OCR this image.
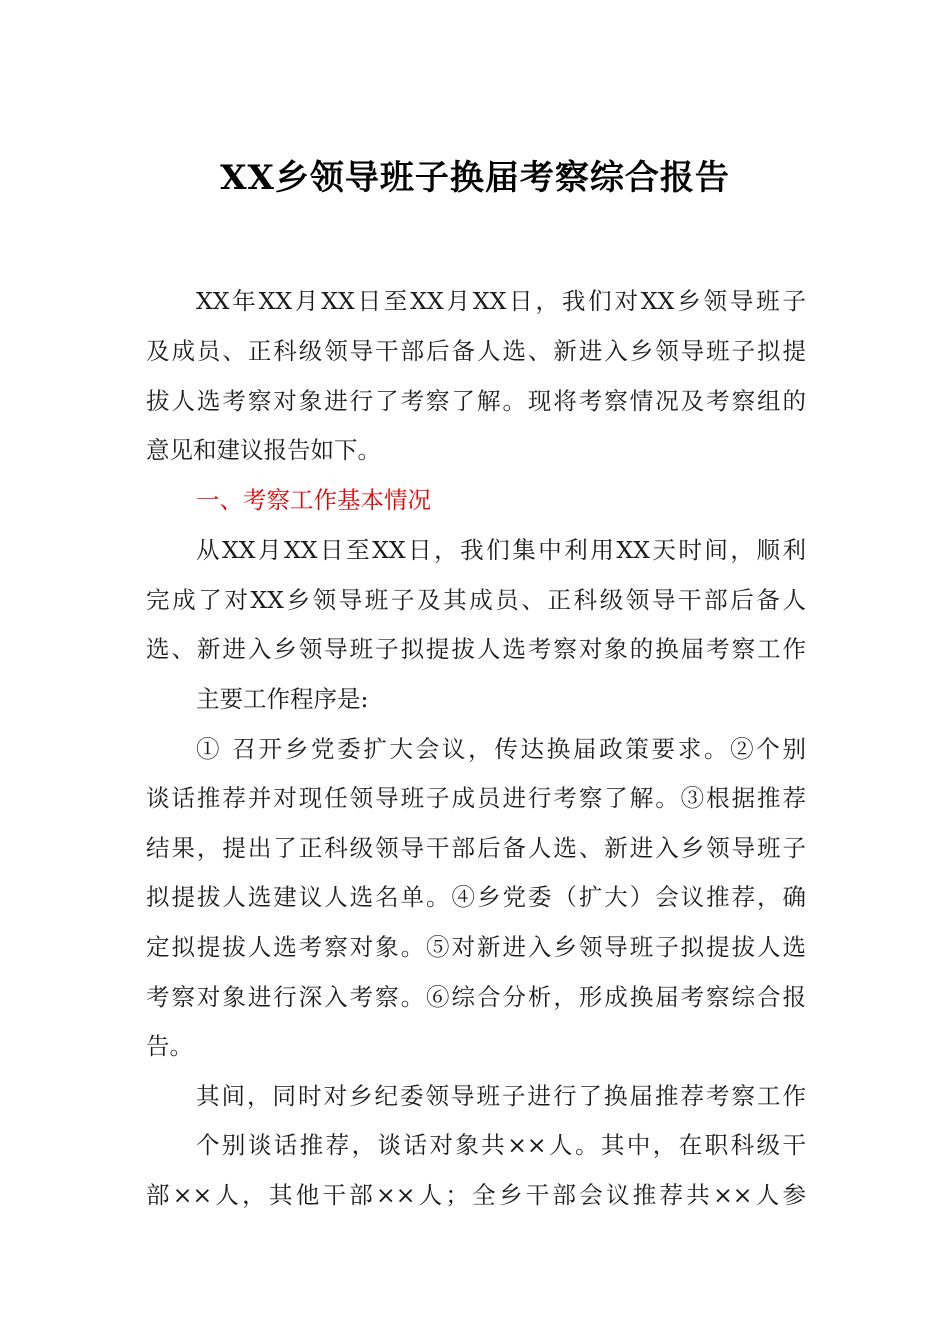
XX乡领导班子换届考察综合报告

XX年XX月XX日至XX月XX日，我们对XX乡领导班子

及成员、正科级领导干部后备人选、新进入乡领导班子拟提

拔人选考察对象进行了考察了解。现将考察情况及考察组的

意见和建议报告如下。

一、考察工作基本情况

从XX月XX日至XX日，我们集中利用XX天时间，顺利

完成了对XX乡领导班子及其成员、正科级领导干部后备人

选、新进入乡领导班子拟提拔人选考察对象的换届考察工作

主要工作程序是:

① 召开乡党委扩大会议，传达换届政策要求。②个别

谈话推荐并对现任领导班子成员进行考察了解。③根据推荐

结果，提出了正科级领导干部后备人选、新进入乡领导班子

拟提拔人选建议人选名单。④乡党委（扩大）会议推荐，确

定拟提拔人选考察对象。⑤对新进入乡领导班子拟提拔人选

考察对象进行深入考察。⑥综合分析，形成换届考察综合报

告。

其间，同时对乡纪委领导班子进行了换届推荐考察工作

个别谈话推荐，谈话对象共××人。其中，在职科级干

部××人，其他干部××人；全乡干部会议推荐共××人参
